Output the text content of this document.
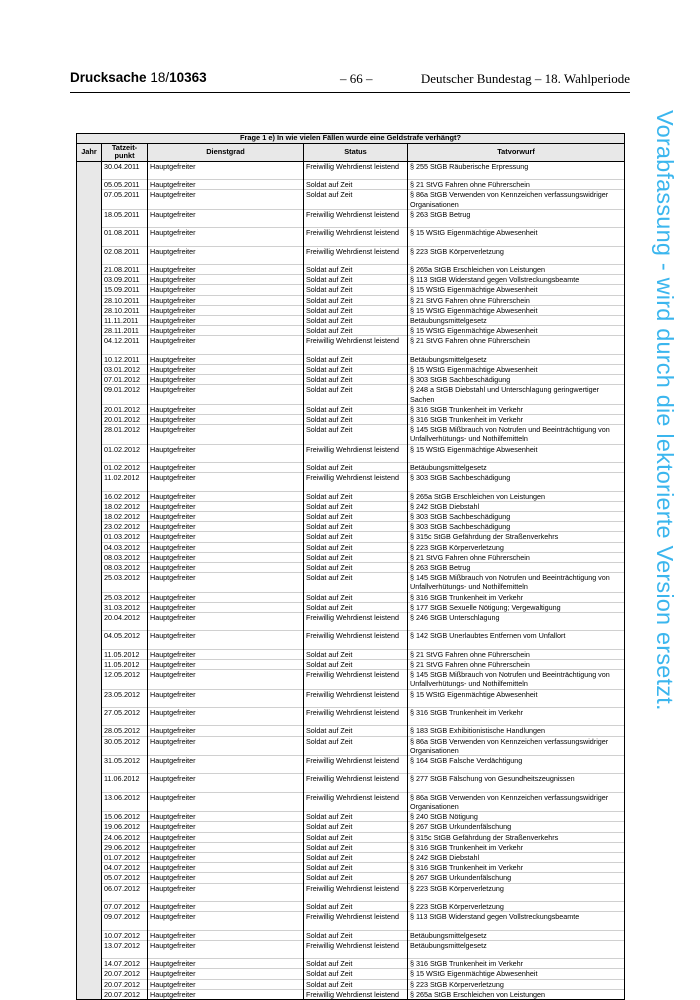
Drucksache 18/10363	– 66 –	Deutscher Bundestag – 18. Wahlperiode
Vorabfassung - wird durch die lektorierte Version ersetzt.
Frage 1 e) In wie vielen Fällen wurde eine Geldstrafe verhängt?				
Jahr	Tatzeit-punkt	Dienstgrad	Status	Tatvorwurf
	30.04.2011	Hauptgefreiter	Freiwillig Wehrdienst leistend	§ 255 StGB Räuberische Erpressung
	05.05.2011	Hauptgefreiter	Soldat auf Zeit	§ 21 StVG Fahren ohne Führerschein
	07.05.2011	Hauptgefreiter	Soldat auf Zeit	§ 86a StGB Verwenden von Kennzeichen verfassungswidriger Organisationen
	18.05.2011	Hauptgefreiter	Freiwillig Wehrdienst leistend	§ 263 StGB Betrug
	01.08.2011	Hauptgefreiter	Freiwillig Wehrdienst leistend	§ 15 WStG Eigenmächtige Abwesenheit
	02.08.2011	Hauptgefreiter	Freiwillig Wehrdienst leistend	§ 223 StGB Körperverletzung
	21.08.2011	Hauptgefreiter	Soldat auf Zeit	§ 265a StGB Erschleichen von Leistungen
	03.09.2011	Hauptgefreiter	Soldat auf Zeit	§ 113 StGB Widerstand gegen Vollstreckungsbeamte
	15.09.2011	Hauptgefreiter	Soldat auf Zeit	§ 15 WStG Eigenmächtige Abwesenheit
	28.10.2011	Hauptgefreiter	Soldat auf Zeit	§ 21 StVG Fahren ohne Führerschein
	28.10.2011	Hauptgefreiter	Soldat auf Zeit	§ 15 WStG Eigenmächtige Abwesenheit
	11.11.2011	Hauptgefreiter	Soldat auf Zeit	Betäubungsmittelgesetz
	28.11.2011	Hauptgefreiter	Soldat auf Zeit	§ 15 WStG Eigenmächtige Abwesenheit
	04.12.2011	Hauptgefreiter	Freiwillig Wehrdienst leistend	§ 21 StVG Fahren ohne Führerschein
	10.12.2011	Hauptgefreiter	Soldat auf Zeit	Betäubungsmittelgesetz
	03.01.2012	Hauptgefreiter	Soldat auf Zeit	§ 15 WStG Eigenmächtige Abwesenheit
	07.01.2012	Hauptgefreiter	Soldat auf Zeit	§ 303 StGB Sachbeschädigung
	09.01.2012	Hauptgefreiter	Soldat auf Zeit	§ 248 a StGB Diebstahl und Unterschlagung geringwertiger Sachen
	20.01.2012	Hauptgefreiter	Soldat auf Zeit	§ 316 StGB Trunkenheit im Verkehr
	20.01.2012	Hauptgefreiter	Soldat auf Zeit	§ 316 StGB Trunkenheit im Verkehr
	28.01.2012	Hauptgefreiter	Soldat auf Zeit	§ 145 StGB Mißbrauch von Notrufen und Beeinträchtigung von Unfallverhütungs- und Nothilfemitteln
	01.02.2012	Hauptgefreiter	Freiwillig Wehrdienst leistend	§ 15 WStG Eigenmächtige Abwesenheit
	01.02.2012	Hauptgefreiter	Soldat auf Zeit	Betäubungsmittelgesetz
	11.02.2012	Hauptgefreiter	Freiwillig Wehrdienst leistend	§ 303 StGB Sachbeschädigung
	16.02.2012	Hauptgefreiter	Soldat auf Zeit	§ 265a StGB Erschleichen von Leistungen
	18.02.2012	Hauptgefreiter	Soldat auf Zeit	§ 242 StGB Diebstahl
	18.02.2012	Hauptgefreiter	Soldat auf Zeit	§ 303 StGB Sachbeschädigung
	23.02.2012	Hauptgefreiter	Soldat auf Zeit	§ 303 StGB Sachbeschädigung
	01.03.2012	Hauptgefreiter	Soldat auf Zeit	§ 315c StGB Gefährdung der Straßenverkehrs
	04.03.2012	Hauptgefreiter	Soldat auf Zeit	§ 223 StGB Körperverletzung
	08.03.2012	Hauptgefreiter	Soldat auf Zeit	§ 21 StVG Fahren ohne Führerschein
	08.03.2012	Hauptgefreiter	Soldat auf Zeit	§ 263 StGB Betrug
	25.03.2012	Hauptgefreiter	Soldat auf Zeit	§ 145 StGB Mißbrauch von Notrufen und Beeinträchtigung von Unfallverhütungs- und Nothilfemitteln
	25.03.2012	Hauptgefreiter	Soldat auf Zeit	§ 316 StGB Trunkenheit im Verkehr
	31.03.2012	Hauptgefreiter	Soldat auf Zeit	§ 177 StGB Sexuelle Nötigung; Vergewaltigung
	20.04.2012	Hauptgefreiter	Freiwillig Wehrdienst leistend	§ 246 StGB Unterschlagung
	04.05.2012	Hauptgefreiter	Freiwillig Wehrdienst leistend	§ 142 StGB Unerlaubtes Entfernen vom Unfallort
	11.05.2012	Hauptgefreiter	Soldat auf Zeit	§ 21 StVG Fahren ohne Führerschein
	11.05.2012	Hauptgefreiter	Soldat auf Zeit	§ 21 StVG Fahren ohne Führerschein
	12.05.2012	Hauptgefreiter	Freiwillig Wehrdienst leistend	§ 145 StGB Mißbrauch von Notrufen und Beeinträchtigung von Unfallverhütungs- und Nothilfemitteln
	23.05.2012	Hauptgefreiter	Freiwillig Wehrdienst leistend	§ 15 WStG Eigenmächtige Abwesenheit
	27.05.2012	Hauptgefreiter	Freiwillig Wehrdienst leistend	§ 316 StGB Trunkenheit im Verkehr
	28.05.2012	Hauptgefreiter	Soldat auf Zeit	§ 183 StGB Exhibitionistische Handlungen
	30.05.2012	Hauptgefreiter	Soldat auf Zeit	§ 86a StGB Verwenden von Kennzeichen verfassungswidriger Organisationen
	31.05.2012	Hauptgefreiter	Freiwillig Wehrdienst leistend	§ 164 StGB Falsche Verdächtigung
	11.06.2012	Hauptgefreiter	Freiwillig Wehrdienst leistend	§ 277 StGB Fälschung von Gesundheitszeugnissen
	13.06.2012	Hauptgefreiter	Freiwillig Wehrdienst leistend	§ 86a StGB Verwenden von Kennzeichen verfassungswidriger Organisationen
	15.06.2012	Hauptgefreiter	Soldat auf Zeit	§ 240 StGB Nötigung
	19.06.2012	Hauptgefreiter	Soldat auf Zeit	§ 267 StGB Urkundenfälschung
	24.06.2012	Hauptgefreiter	Soldat auf Zeit	§ 315c StGB Gefährdung der Straßenverkehrs
	29.06.2012	Hauptgefreiter	Soldat auf Zeit	§ 316 StGB Trunkenheit im Verkehr
	01.07.2012	Hauptgefreiter	Soldat auf Zeit	§ 242 StGB Diebstahl
	04.07.2012	Hauptgefreiter	Soldat auf Zeit	§ 316 StGB Trunkenheit im Verkehr
	05.07.2012	Hauptgefreiter	Soldat auf Zeit	§ 267 StGB Urkundenfälschung
	06.07.2012	Hauptgefreiter	Freiwillig Wehrdienst leistend	§ 223 StGB Körperverletzung
	07.07.2012	Hauptgefreiter	Soldat auf Zeit	§ 223 StGB Körperverletzung
	09.07.2012	Hauptgefreiter	Freiwillig Wehrdienst leistend	§ 113 StGB Widerstand gegen Vollstreckungsbeamte
	10.07.2012	Hauptgefreiter	Soldat auf Zeit	Betäubungsmittelgesetz
	13.07.2012	Hauptgefreiter	Freiwillig Wehrdienst leistend	Betäubungsmittelgesetz
	14.07.2012	Hauptgefreiter	Soldat auf Zeit	§ 316 StGB Trunkenheit im Verkehr
	20.07.2012	Hauptgefreiter	Soldat auf Zeit	§ 15 WStG Eigenmächtige Abwesenheit
	20.07.2012	Hauptgefreiter	Soldat auf Zeit	§ 223 StGB Körperverletzung
	20.07.2012	Hauptgefreiter	Freiwillig Wehrdienst leistend	§ 265a StGB Erschleichen von Leistungen
